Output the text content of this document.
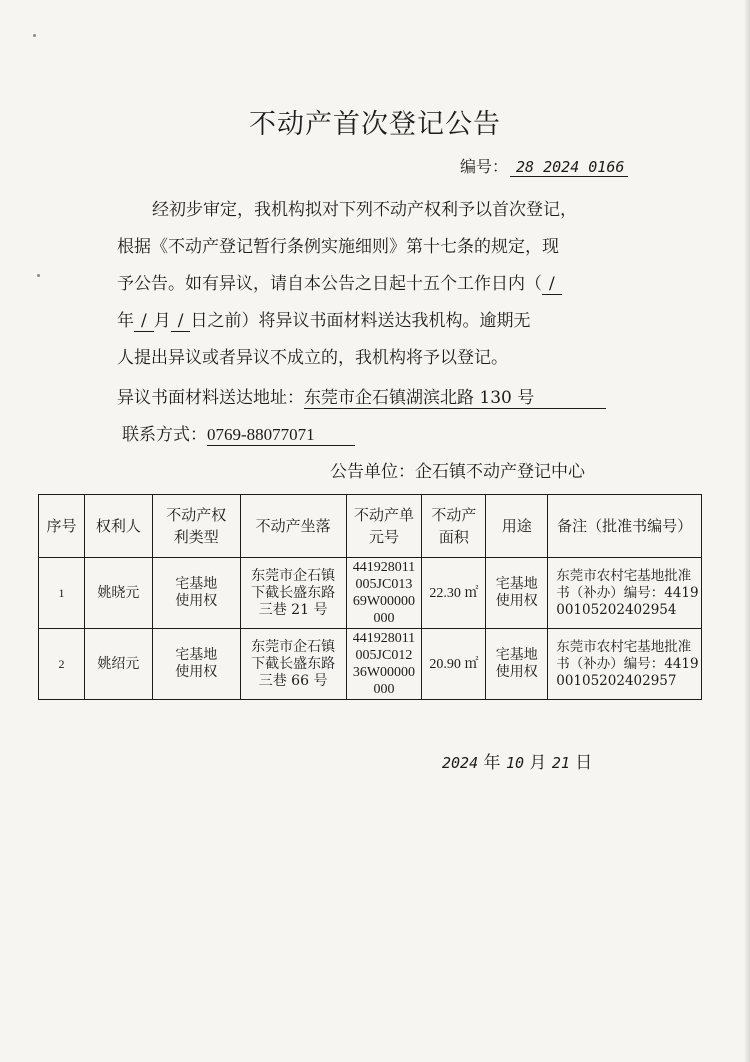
不动产首次登记公告
编号： 28 2024 0166
经初步审定，我机构拟对下列不动产权利予以首次登记，
根据《不动产登记暂行条例实施细则》第十七条的规定，现
予公告。如有异议，请自本公告之日起十五个工作日内（ /
年 / 月 / 日之前）将异议书面材料送达我机构。逾期无
人提出异议或者异议不成立的，我机构将予以登记。
异议书面材料送达地址：东莞市企石镇湖滨北路 130 号
联系方式：0769-88077071
公告单位：企石镇不动产登记中心
序号	权利人	不动产权利类型	不动产坐落	不动产单元号	不动产面积	用途	备注（批准书编号）
1	姚晓元	宅基地使用权	东莞市企石镇下截长盛东路三巷 21 号	441928011005JC01369W00000000	22.30 ㎡	宅基地使用权	东莞市农村宅基地批准书（补办）编号：441900105202402954
2	姚绍元	宅基地使用权	东莞市企石镇下截长盛东路三巷 66 号	441928011005JC01236W00000000	20.90 ㎡	宅基地使用权	东莞市农村宅基地批准书（补办）编号：441900105202402957
2024 年 10 月 21 日
